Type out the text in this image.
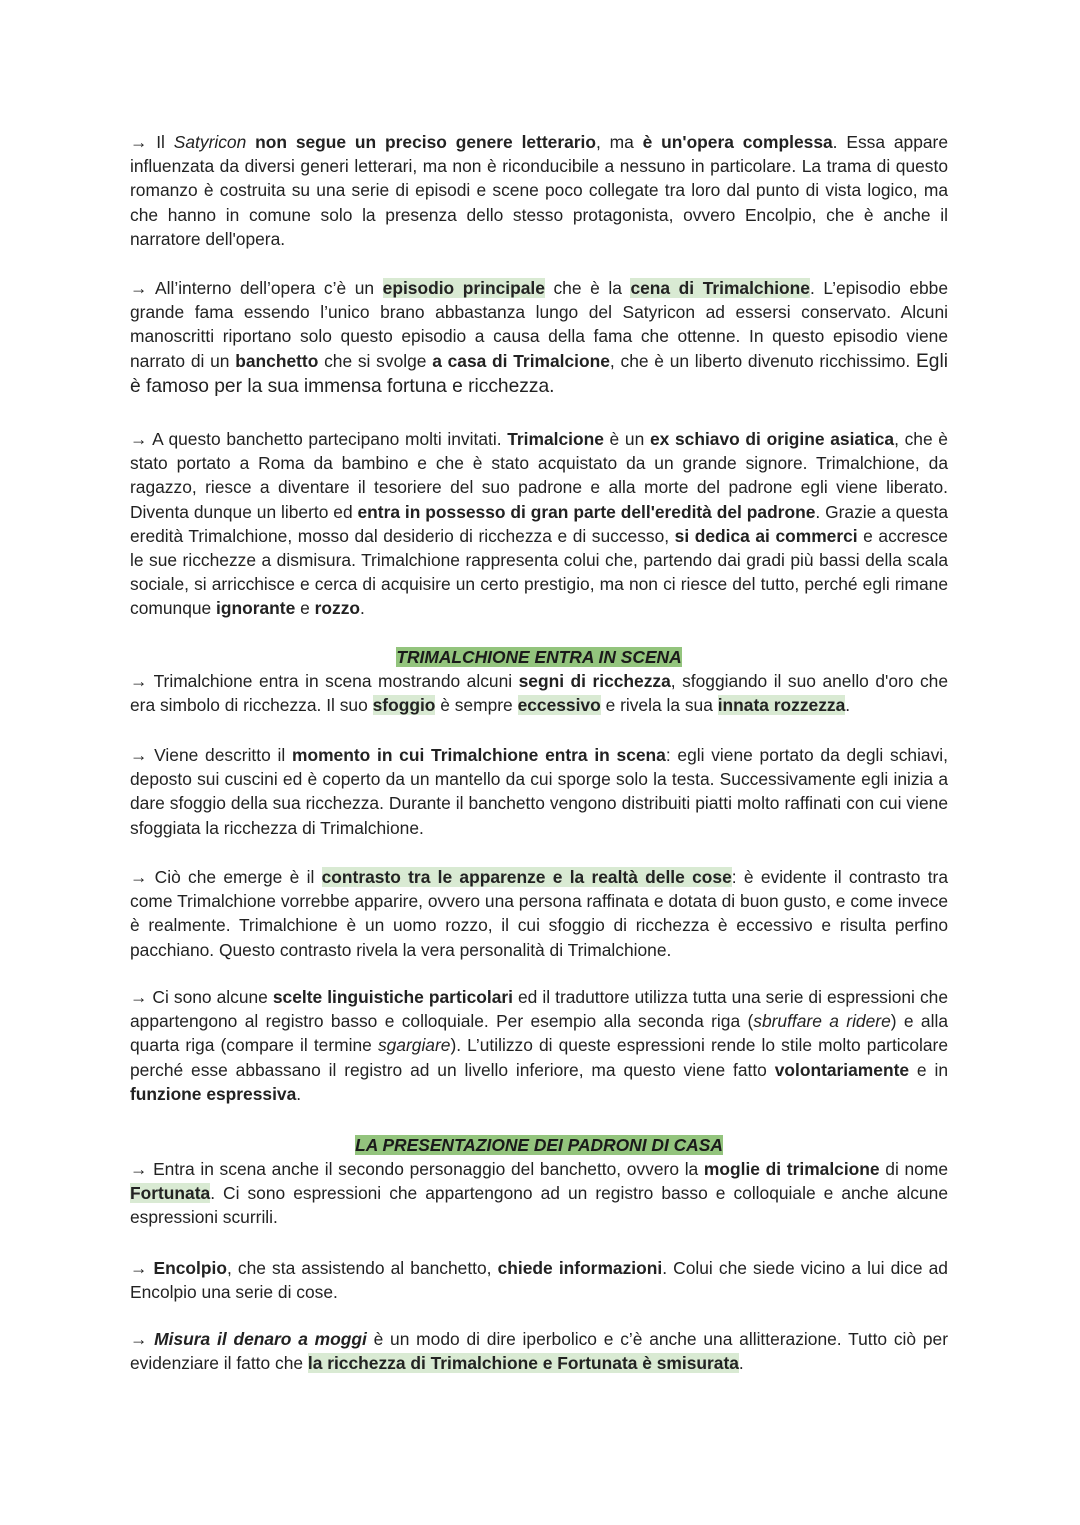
→ Il Satyricon non segue un preciso genere letterario, ma è un'opera complessa. Essa appare influenzata da diversi generi letterari, ma non è riconducibile a nessuno in particolare. La trama di questo romanzo è costruita su una serie di episodi e scene poco collegate tra loro dal punto di vista logico, ma che hanno in comune solo la presenza dello stesso protagonista, ovvero Encolpio, che è anche il narratore dell'opera.

→ All’interno dell’opera c’è un episodio principale che è la cena di Trimalchione. L’episodio ebbe grande fama essendo l’unico brano abbastanza lungo del Satyricon ad essersi conservato. Alcuni manoscritti riportano solo questo episodio a causa della fama che ottenne. In questo episodio viene narrato di un banchetto che si svolge a casa di Trimalcione, che è un liberto divenuto ricchissimo. Egli è famoso per la sua immensa fortuna e ricchezza.

→ A questo banchetto partecipano molti invitati. Trimalcione è un ex schiavo di origine asiatica, che è stato portato a Roma da bambino e che è stato acquistato da un grande signore. Trimalchione, da ragazzo, riesce a diventare il tesoriere del suo padrone e alla morte del padrone egli viene liberato. Diventa dunque un liberto ed entra in possesso di gran parte dell'eredità del padrone. Grazie a questa eredità Trimalchione, mosso dal desiderio di ricchezza e di successo, si dedica ai commerci e accresce le sue ricchezze a dismisura. Trimalchione rappresenta colui che, partendo dai gradi più bassi della scala sociale, si arricchisce e cerca di acquisire un certo prestigio, ma non ci riesce del tutto, perché egli rimane comunque ignorante e rozzo.

TRIMALCHIONE ENTRA IN SCENA

→ Trimalchione entra in scena mostrando alcuni segni di ricchezza, sfoggiando il suo anello d'oro che era simbolo di ricchezza. Il suo sfoggio è sempre eccessivo e rivela la sua innata rozzezza.

→ Viene descritto il momento in cui Trimalchione entra in scena: egli viene portato da degli schiavi, deposto sui cuscini ed è coperto da un mantello da cui sporge solo la testa. Successivamente egli inizia a dare sfoggio della sua ricchezza. Durante il banchetto vengono distribuiti piatti molto raffinati con cui viene sfoggiata la ricchezza di Trimalchione.

→ Ciò che emerge è il contrasto tra le apparenze e la realtà delle cose: è evidente il contrasto tra come Trimalchione vorrebbe apparire, ovvero una persona raffinata e dotata di buon gusto, e come invece è realmente. Trimalchione è un uomo rozzo, il cui sfoggio di ricchezza è eccessivo e risulta perfino pacchiano. Questo contrasto rivela la vera personalità di Trimalchione.

→ Ci sono alcune scelte linguistiche particolari ed il traduttore utilizza tutta una serie di espressioni che appartengono al registro basso e colloquiale. Per esempio alla seconda riga (sbruffare a ridere) e alla quarta riga (compare il termine sgargiare). L’utilizzo di queste espressioni rende lo stile molto particolare perché esse abbassano il registro ad un livello inferiore, ma questo viene fatto volontariamente e in funzione espressiva.

LA PRESENTAZIONE DEI PADRONI DI CASA

→ Entra in scena anche il secondo personaggio del banchetto, ovvero la moglie di trimalcione di nome Fortunata. Ci sono espressioni che appartengono ad un registro basso e colloquiale e anche alcune espressioni scurrili.

→ Encolpio, che sta assistendo al banchetto, chiede informazioni. Colui che siede vicino a lui dice ad Encolpio una serie di cose.

→ Misura il denaro a moggi è un modo di dire iperbolico e c’è anche una allitterazione. Tutto ciò per evidenziare il fatto che la ricchezza di Trimalchione e Fortunata è smisurata.
